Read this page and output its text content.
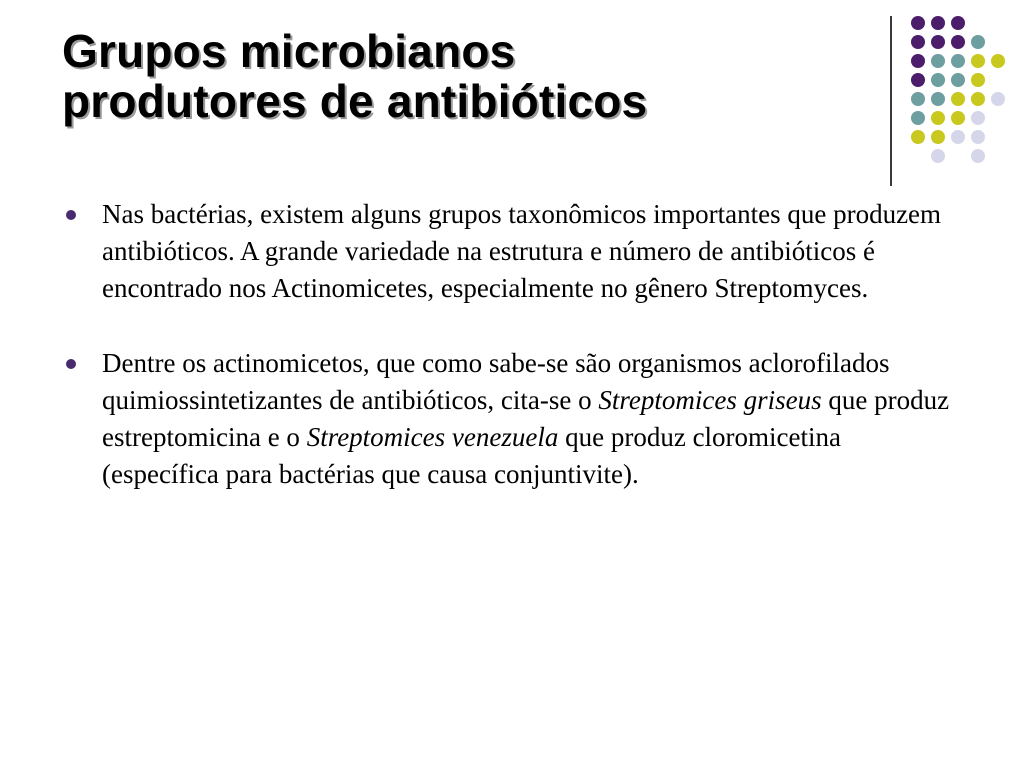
Grupos microbianos
produtores de antibióticos
Nas bactérias, existem alguns grupos taxonômicos importantes que produzem antibióticos. A grande variedade na estrutura e número de antibióticos é encontrado nos Actinomicetes, especialmente no gênero Streptomyces.
Dentre os actinomicetos, que como sabe-se são organismos aclorofilados quimiossintetizantes de antibióticos, cita-se o Streptomices griseus que produz estreptomicina e o Streptomices venezuela que produz cloromicetina (específica para bactérias que causa conjuntivite).
